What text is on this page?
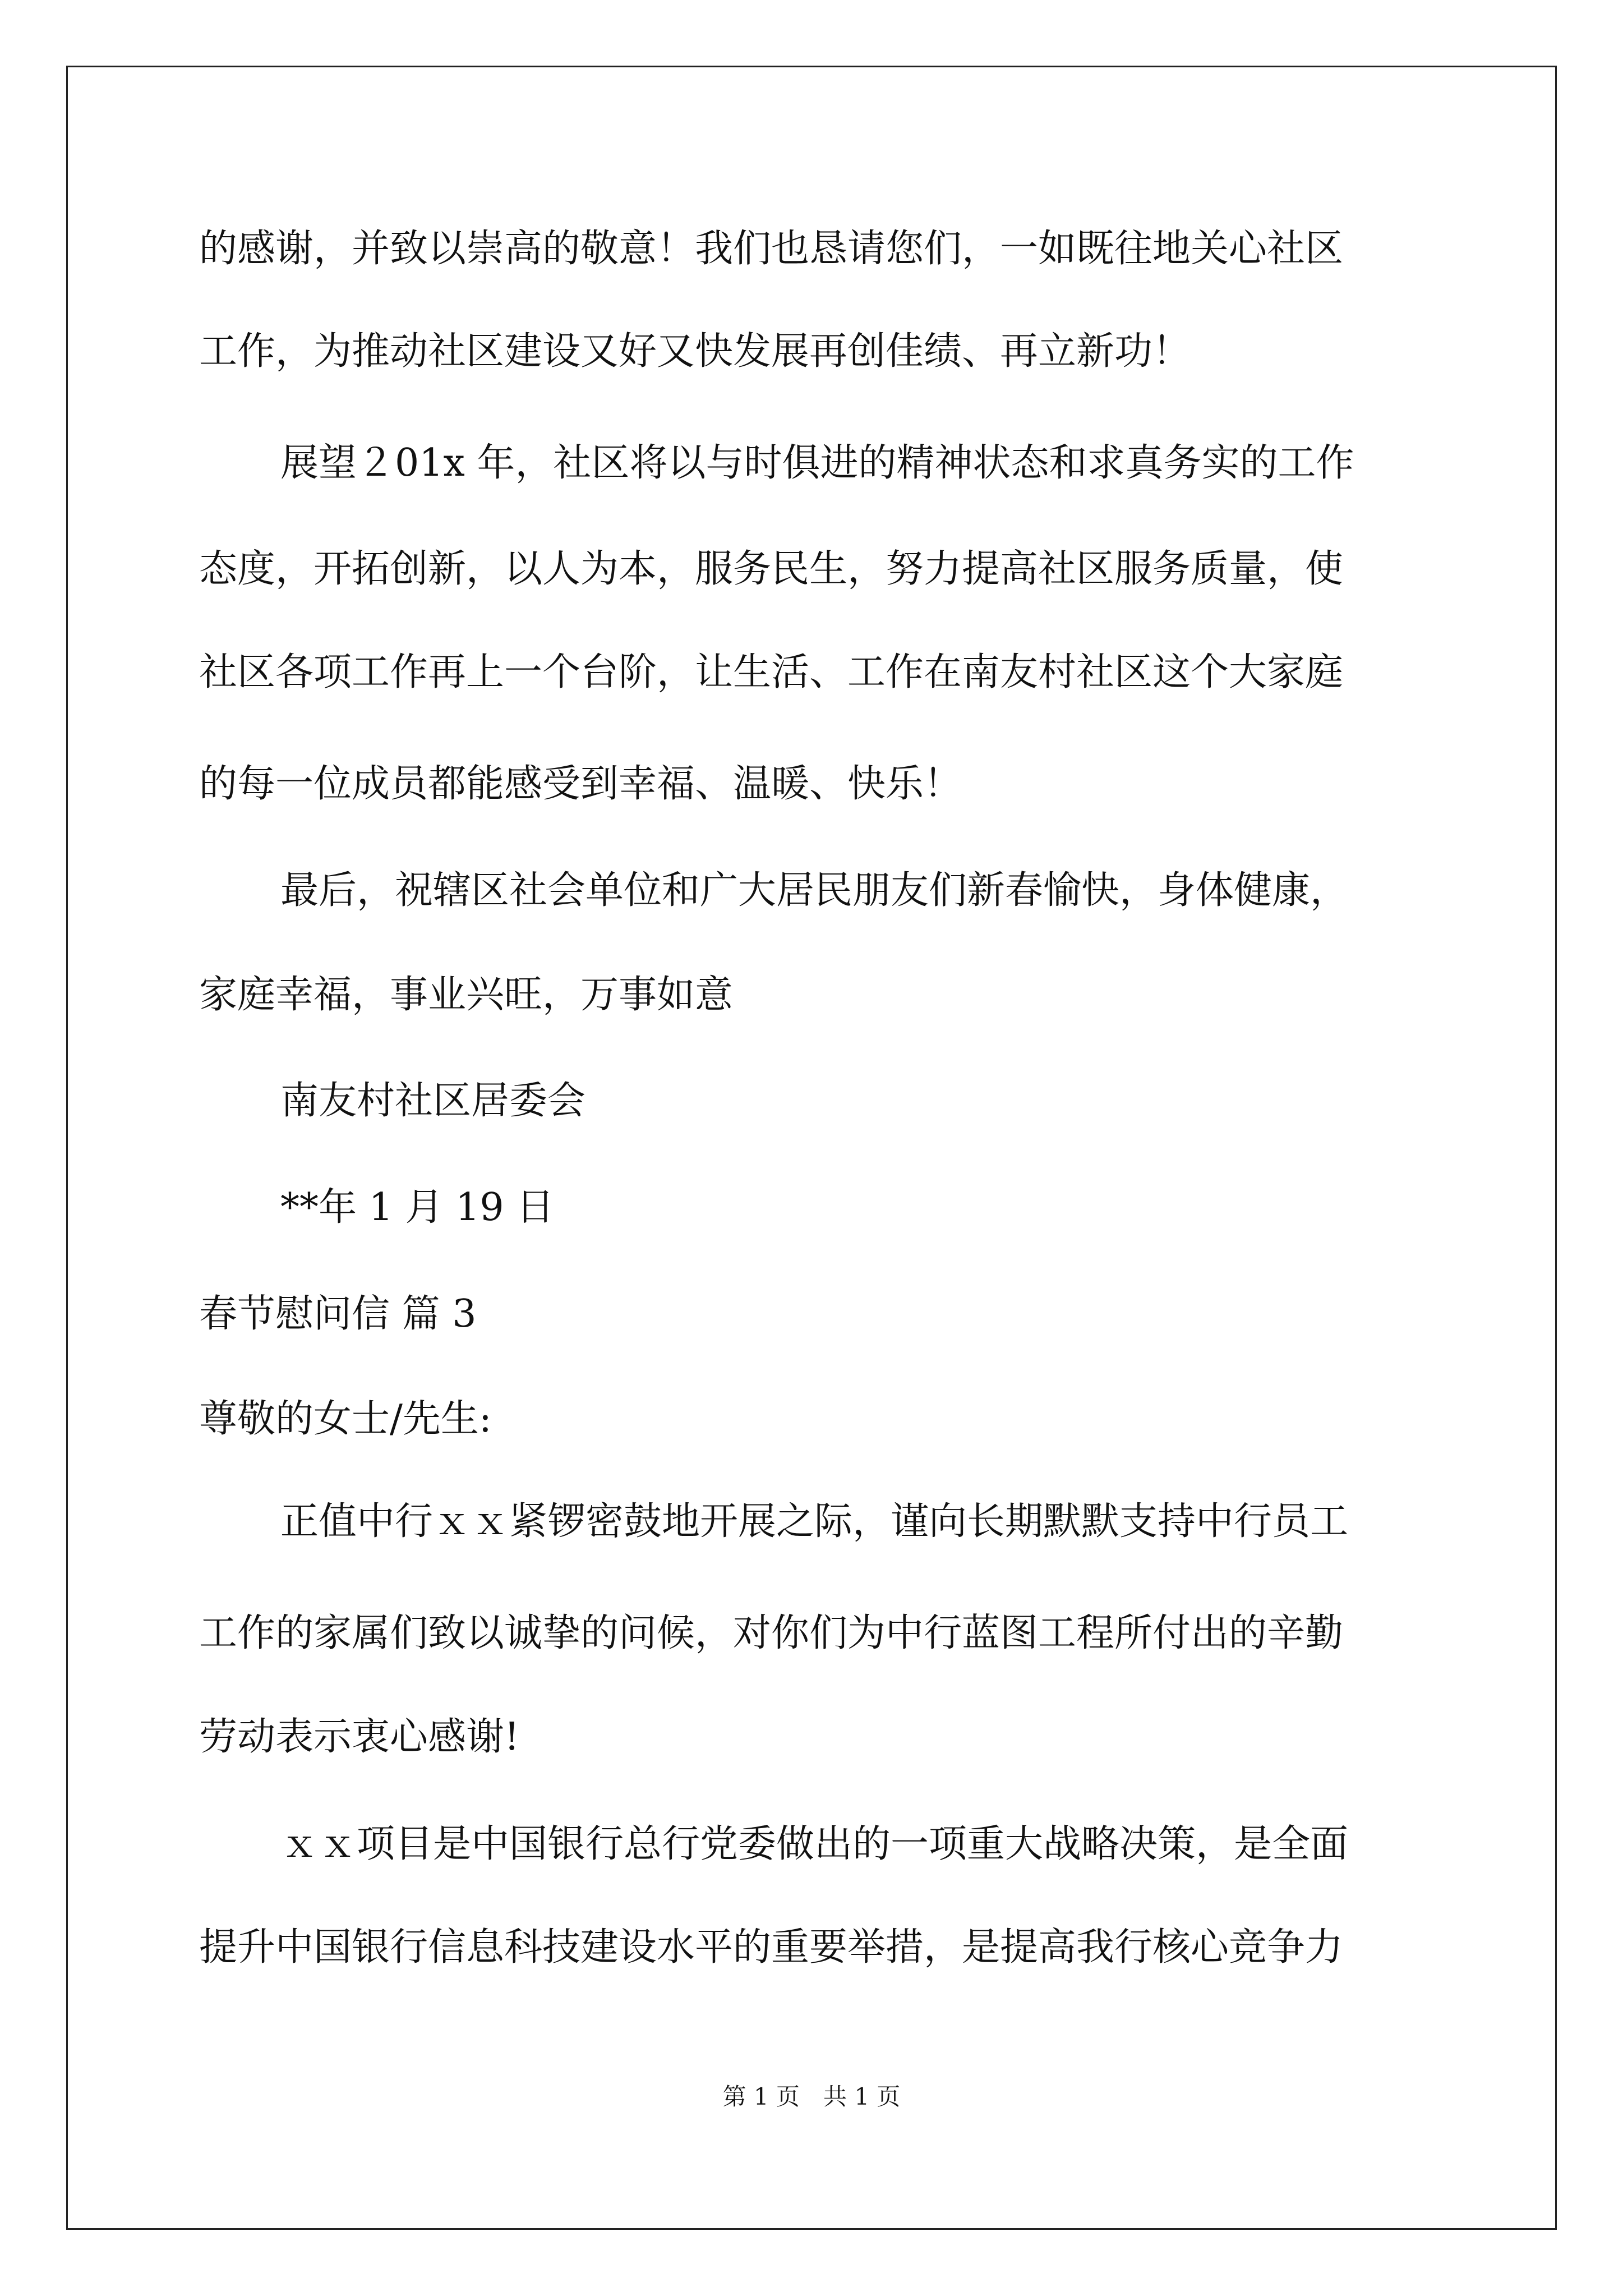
的感谢，并致以崇高的敬意！我们也恳请您们，一如既往地关心社区
工作，为推动社区建设又好又快发展再创佳绩、再立新功！
展望２01x 年，社区将以与时俱进的精神状态和求真务实的工作
态度，开拓创新，以人为本，服务民生，努力提高社区服务质量，使
社区各项工作再上一个台阶，让生活、工作在南友村社区这个大家庭
的每一位成员都能感受到幸福、温暖、快乐！
最后，祝辖区社会单位和广大居民朋友们新春愉快，身体健康，
家庭幸福，事业兴旺，万事如意
南友村社区居委会
**年 1 月 19 日
春节慰问信 篇 3
尊敬的女士/先生:
正值中行ｘｘ紧锣密鼓地开展之际，谨向长期默默支持中行员工
工作的家属们致以诚挚的问候，对你们为中行蓝图工程所付出的辛勤
劳动表示衷心感谢!
ｘｘ项目是中国银行总行党委做出的一项重大战略决策，是全面
提升中国银行信息科技建设水平的重要举措，是提高我行核心竞争力
第 1 页　共 1 页
